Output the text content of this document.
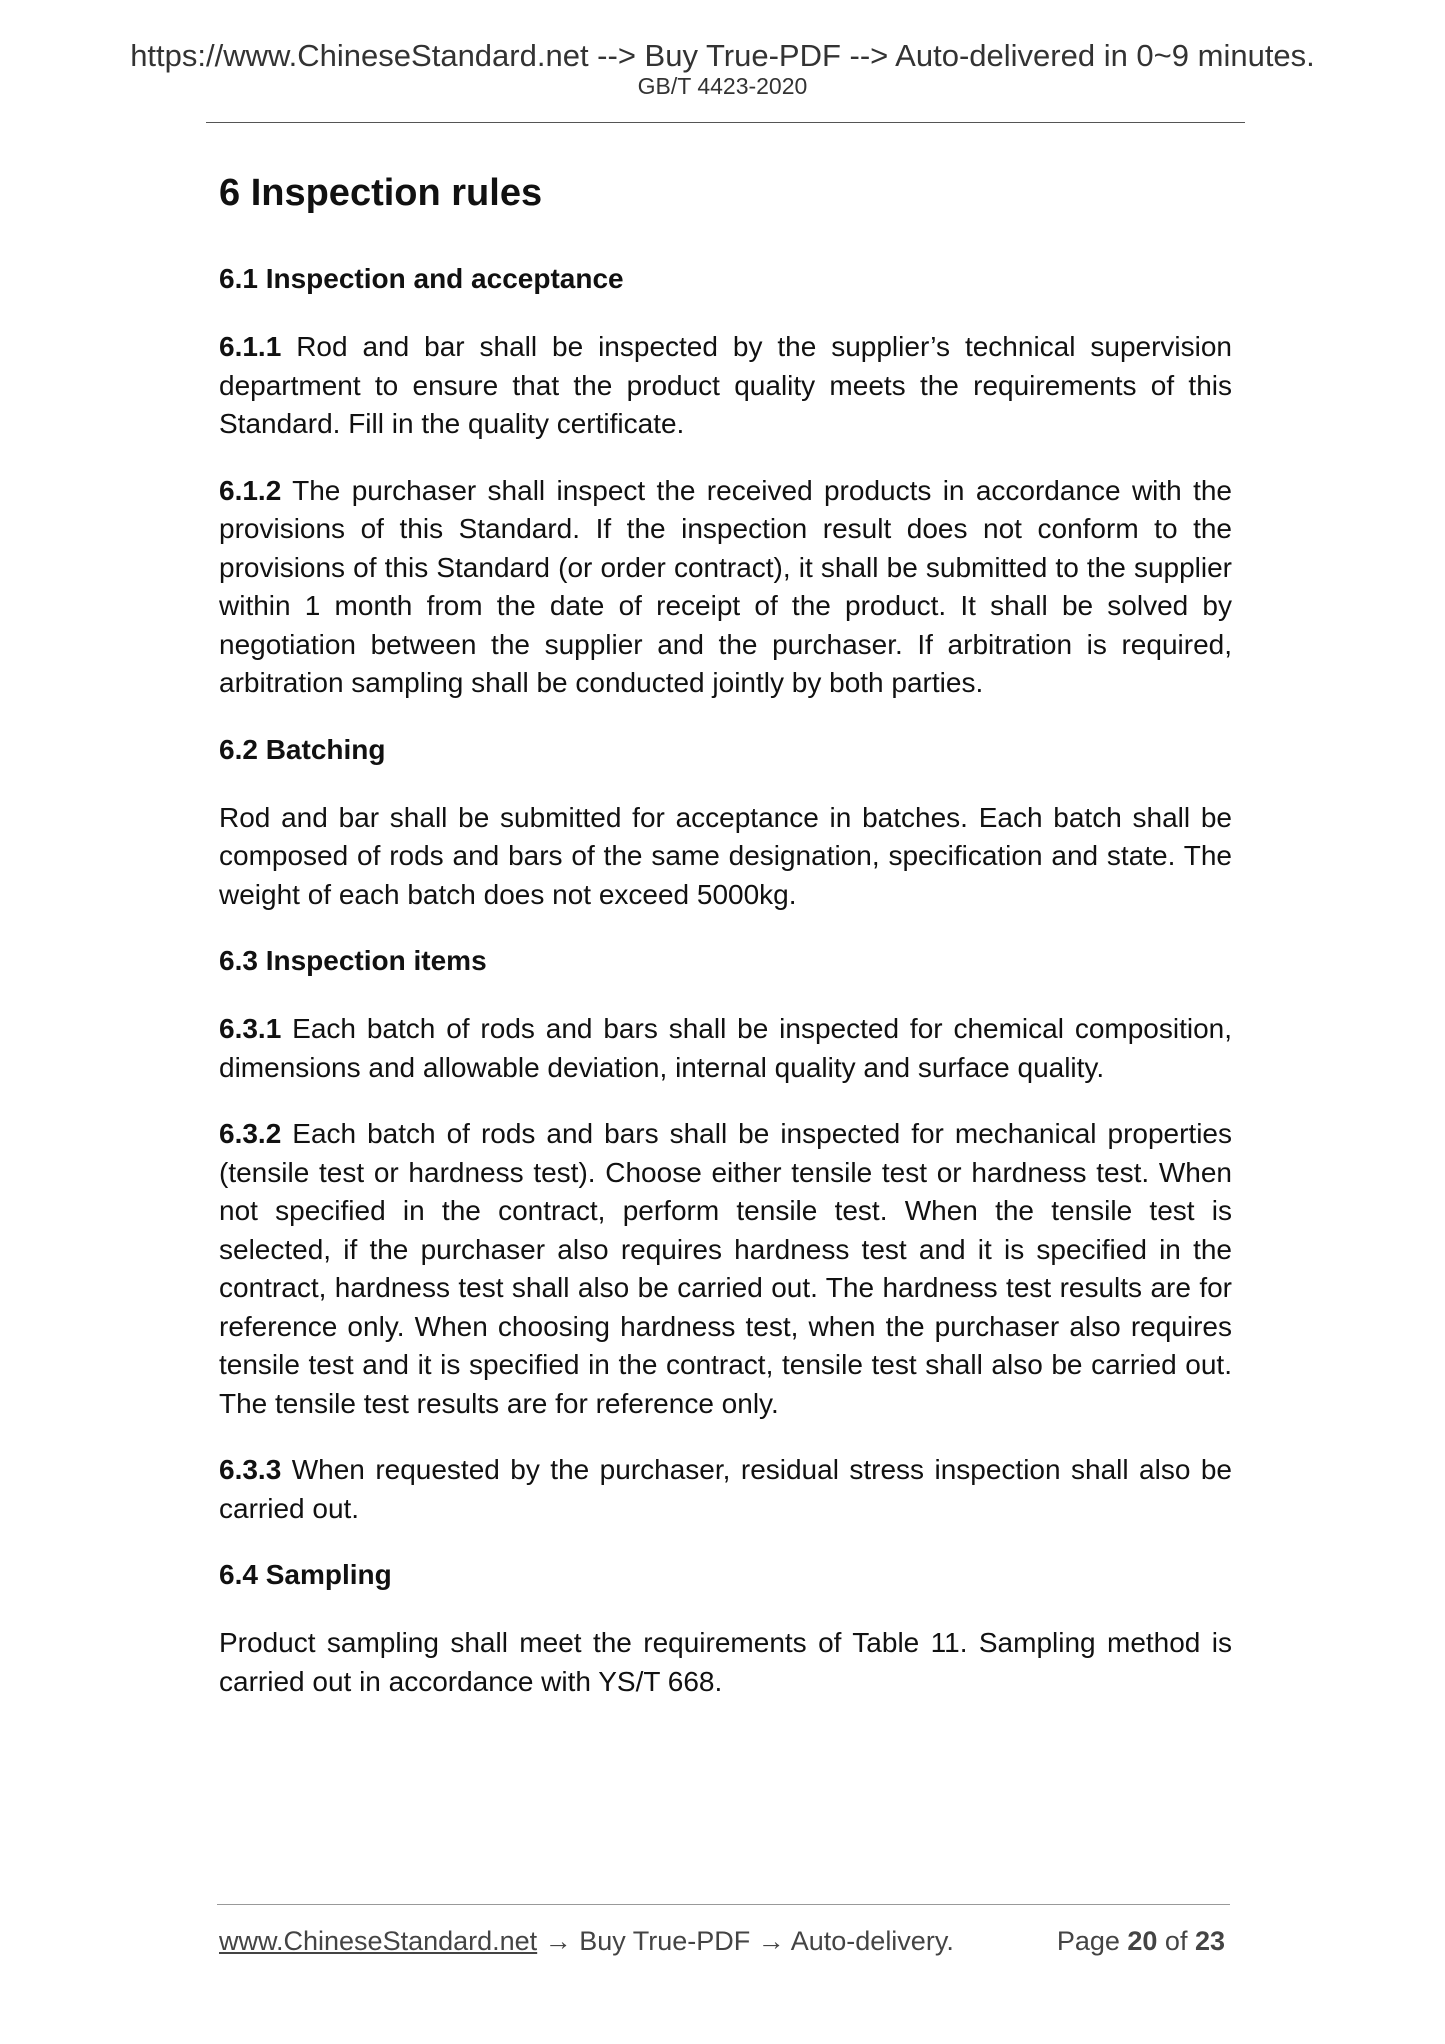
https://www.ChineseStandard.net --> Buy True-PDF --> Auto-delivered in 0~9 minutes.
GB/T 4423-2020
6 Inspection rules
6.1 Inspection and acceptance

6.1.1 Rod and bar shall be inspected by the supplier’s technical supervision department to ensure that the product quality meets the requirements of this Standard. Fill in the quality certificate.

6.1.2 The purchaser shall inspect the received products in accordance with the provisions of this Standard. If the inspection result does not conform to the provisions of this Standard (or order contract), it shall be submitted to the supplier within 1 month from the date of receipt of the product. It shall be solved by negotiation between the supplier and the purchaser. If arbitration is required, arbitration sampling shall be conducted jointly by both parties.

6.2 Batching

Rod and bar shall be submitted for acceptance in batches. Each batch shall be composed of rods and bars of the same designation, specification and state. The weight of each batch does not exceed 5000kg.

6.3 Inspection items

6.3.1 Each batch of rods and bars shall be inspected for chemical composition, dimensions and allowable deviation, internal quality and surface quality.

6.3.2 Each batch of rods and bars shall be inspected for mechanical properties (tensile test or hardness test). Choose either tensile test or hardness test. When not specified in the contract, perform tensile test. When the tensile test is selected, if the purchaser also requires hardness test and it is specified in the contract, hardness test shall also be carried out. The hardness test results are for reference only. When choosing hardness test, when the purchaser also requires tensile test and it is specified in the contract, tensile test shall also be carried out. The tensile test results are for reference only.

6.3.3 When requested by the purchaser, residual stress inspection shall also be carried out.

6.4 Sampling

Product sampling shall meet the requirements of Table 11. Sampling method is carried out in accordance with YS/T 668.

www.ChineseStandard.net → Buy True-PDF → Auto-delivery.	Page 20 of 23
